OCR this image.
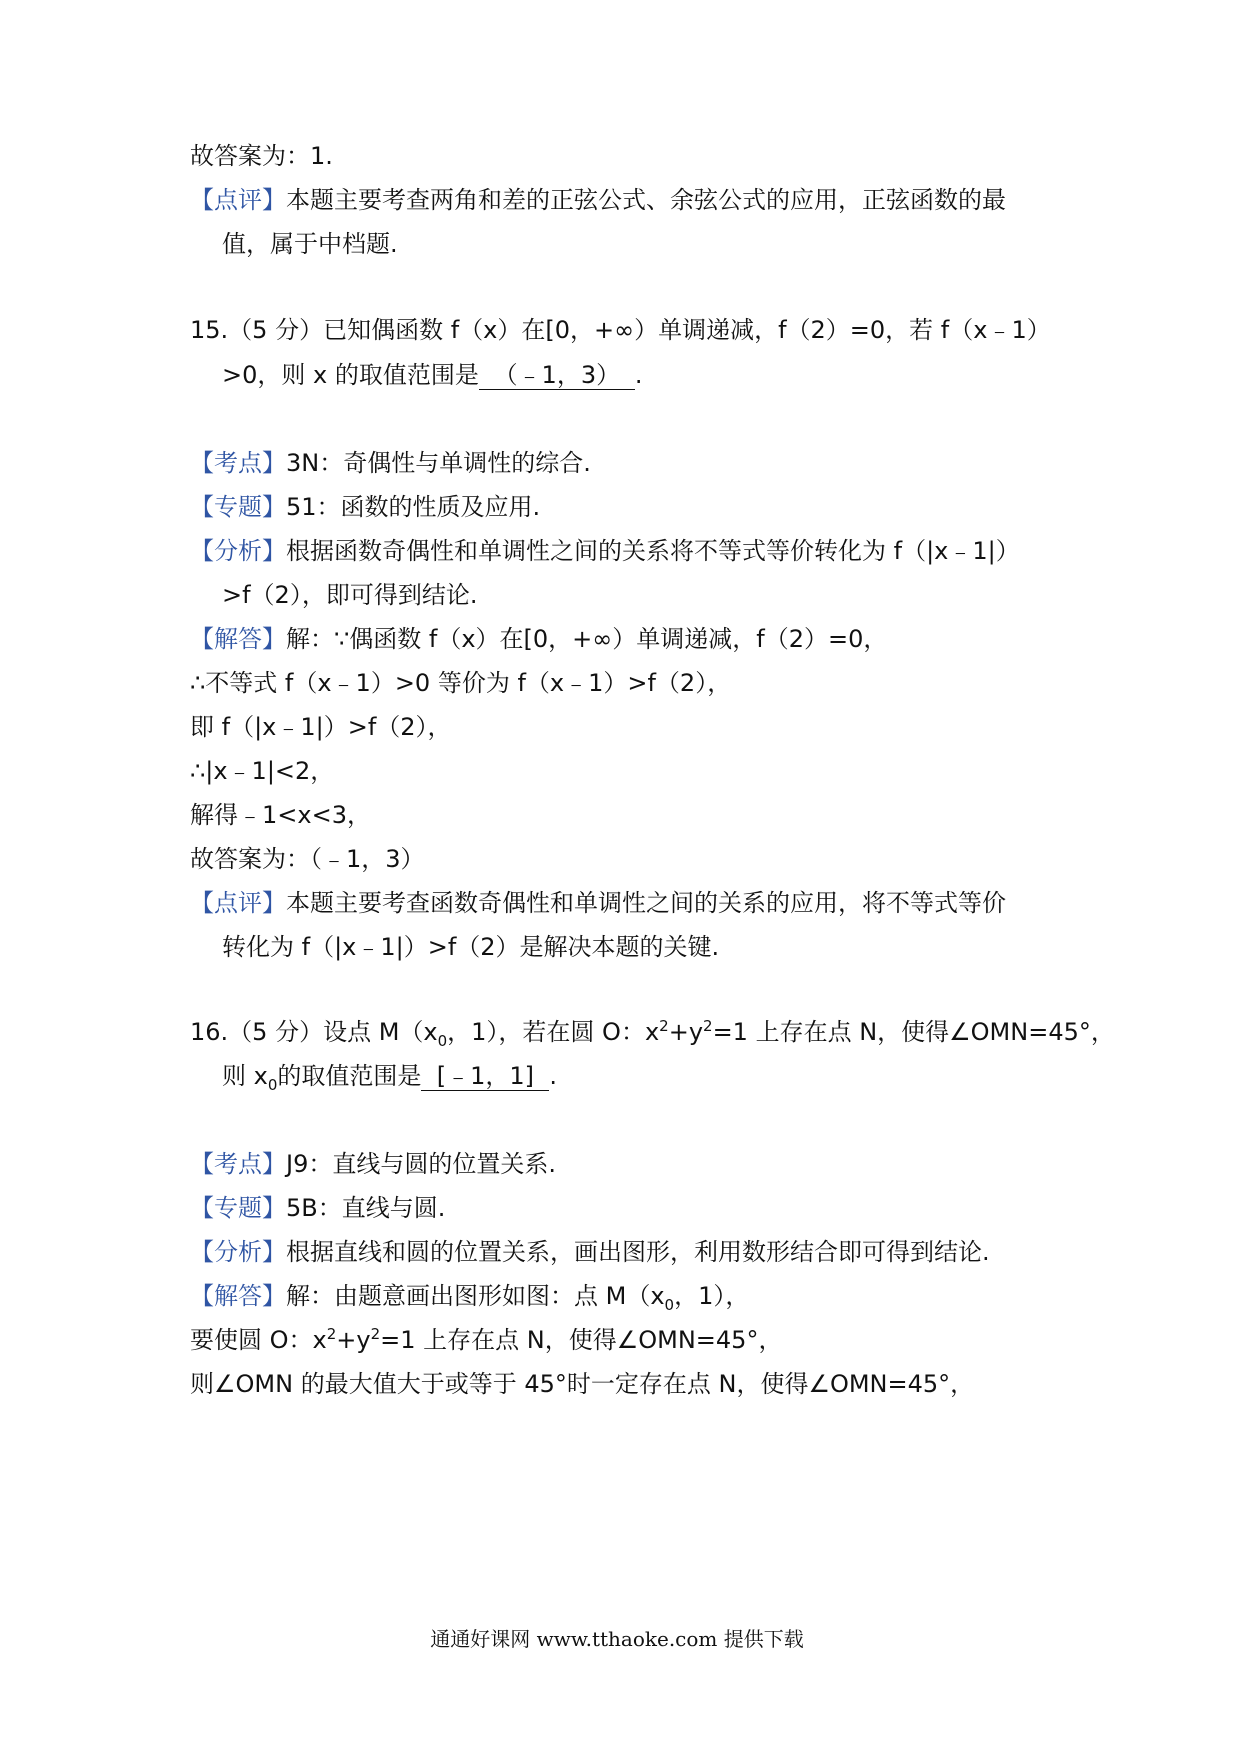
故答案为：1.
【点评】本题主要考查两角和差的正弦公式、余弦公式的应用，正弦函数的最
值，属于中档题.
15.（5 分）已知偶函数 f（x）在[0，+∞）单调递减，f（2）=0，若 f（x﹣1）
>0，则 x 的取值范围是 （﹣1，3） .
【考点】3N：奇偶性与单调性的综合.
【专题】51：函数的性质及应用.
【分析】根据函数奇偶性和单调性之间的关系将不等式等价转化为 f（|x﹣1|）
>f（2），即可得到结论.
【解答】解：∵偶函数 f（x）在[0，+∞）单调递减，f（2）=0，
∴不等式 f（x﹣1）>0 等价为 f（x﹣1）>f（2），
即 f（|x﹣1|）>f（2），
∴|x﹣1|<2，
解得﹣1<x<3，
故答案为：（﹣1，3）
【点评】本题主要考查函数奇偶性和单调性之间的关系的应用，将不等式等价
转化为 f（|x﹣1|）>f（2）是解决本题的关键.
16.（5 分）设点 $M(x_0$，1），若在圆 O：$x^2+y^2=1$ 上存在点 N，使得∠OMN=45°，
则 $x_0$的取值范围是 [﹣1，1] .
【考点】J9：直线与圆的位置关系.
【专题】5B：直线与圆.
【分析】根据直线和圆的位置关系，画出图形，利用数形结合即可得到结论.
【解答】解：由题意画出图形如图：点 $M(x_0$，1），
要使圆 O：$x^2+y^2=1$ 上存在点 N，使得∠OMN=45°，
则∠OMN 的最大值大于或等于 45°时一定存在点 N，使得∠OMN=45°，
通通好课网 www.tthaoke.com 提供下载
